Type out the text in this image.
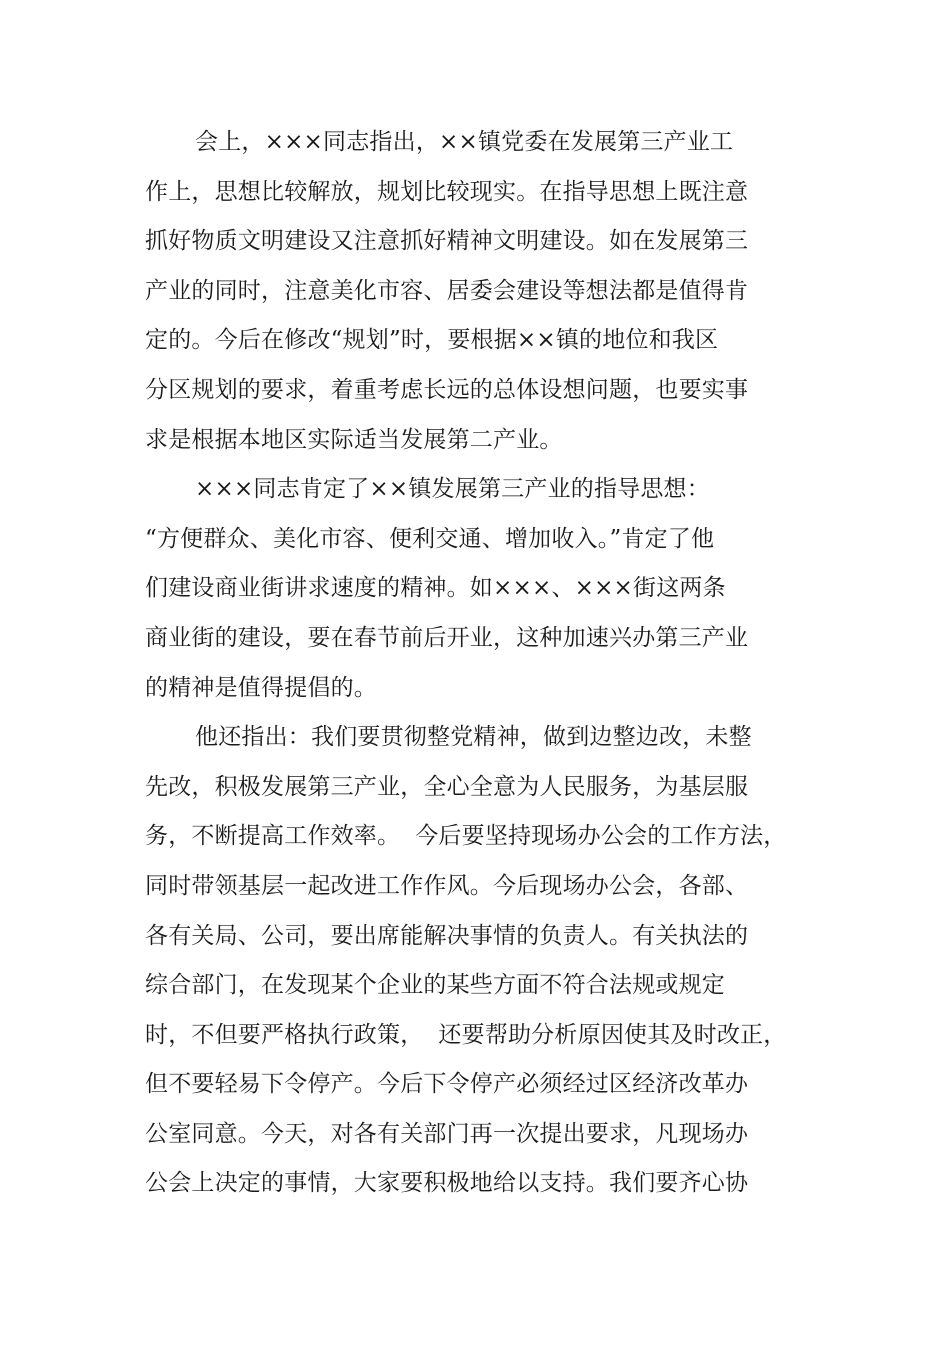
会上，×××同志指出，××镇党委在发展第三产业工
作上，思想比较解放，规划比较现实。在指导思想上既注意
抓好物质文明建设又注意抓好精神文明建设。如在发展第三
产业的同时，注意美化市容、居委会建设等想法都是值得肯
定的。今后在修改“规划”时，要根据××镇的地位和我区
分区规划的要求，着重考虑长远的总体设想问题，也要实事
求是根据本地区实际适当发展第二产业。
×××同志肯定了××镇发展第三产业的指导思想：
“方便群众、美化市容、便利交通、增加收入。”肯定了他
们建设商业街讲求速度的精神。如×××、×××街这两条
商业街的建设，要在春节前后开业，这种加速兴办第三产业
的精神是值得提倡的。
他还指出：我们要贯彻整党精神，做到边整边改，未整
先改，积极发展第三产业，全心全意为人民服务，为基层服
务，不断提高工作效率。  今后要坚持现场办公会的工作方法，
同时带领基层一起改进工作作风。今后现场办公会，各部、
各有关局、公司，要出席能解决事情的负责人。有关执法的
综合部门，在发现某个企业的某些方面不符合法规或规定
时，不但要严格执行政策，  还要帮助分析原因使其及时改正，
但不要轻易下令停产。今后下令停产必须经过区经济改革办
公室同意。今天，对各有关部门再一次提出要求，凡现场办
公会上决定的事情，大家要积极地给以支持。我们要齐心协
